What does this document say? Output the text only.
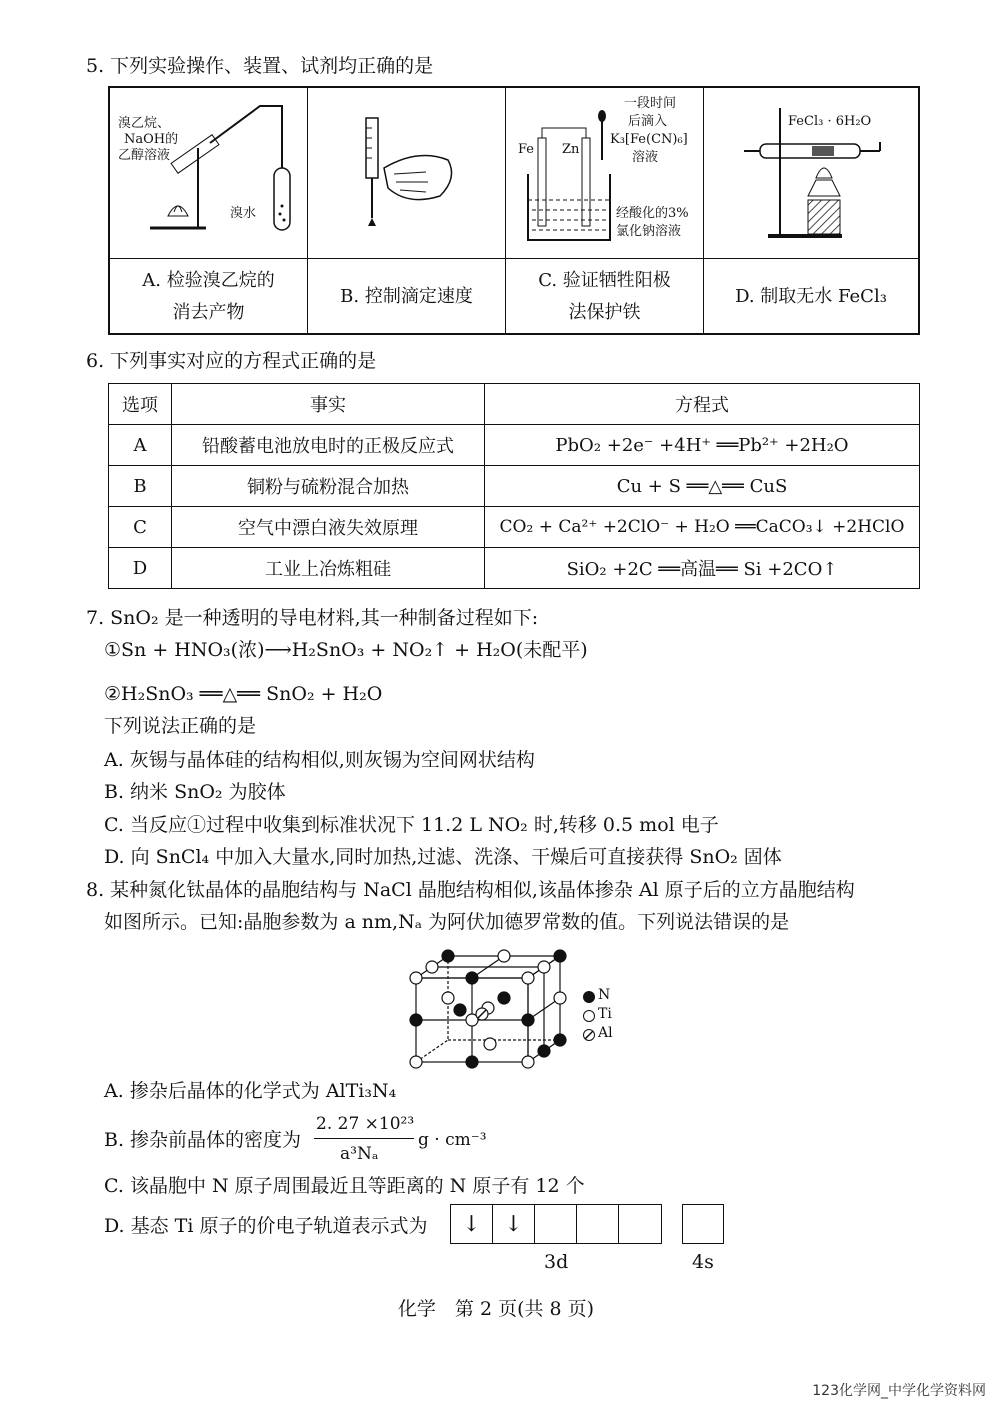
5. 下列实验操作、装置、试剂均正确的是
溴乙烷、
NaOH的
乙醇溶液
溴水
一段时间
后滴入
K₃[Fe(CN)₆]
溶液
Fe Zn
经酸化的3%
氯化钠溶液
FeCl₃ · 6H₂O
A. 检验溴乙烷的
消去产物
B. 控制滴定速度
C. 验证牺牲阳极
法保护铁
D. 制取无水 FeCl₃
6. 下列事实对应的方程式正确的是
选项	事实	方程式
A	铅酸蓄电池放电时的正极反应式	PbO₂ +2e⁻ +4H⁺ ══Pb²⁺ +2H₂O
B	铜粉与硫粉混合加热	Cu + S ══△══ CuS
C	空气中漂白液失效原理	CO₂ + Ca²⁺ +2ClO⁻ + H₂O ══CaCO₃↓ +2HClO
D	工业上冶炼粗硅	SiO₂ +2C ══高温══ Si +2CO↑
7. SnO₂ 是一种透明的导电材料,其一种制备过程如下:
①Sn + HNO₃(浓)⟶H₂SnO₃ + NO₂↑ + H₂O(未配平)
②H₂SnO₃ ══△══ SnO₂ + H₂O
下列说法正确的是
A. 灰锡与晶体硅的结构相似,则灰锡为空间网状结构
B. 纳米 SnO₂ 为胶体
C. 当反应①过程中收集到标准状况下 11.2 L NO₂ 时,转移 0.5 mol 电子
D. 向 SnCl₄ 中加入大量水,同时加热,过滤、洗涤、干燥后可直接获得 SnO₂ 固体
8. 某种氮化钛晶体的晶胞结构与 NaCl 晶胞结构相似,该晶体掺杂 Al 原子后的立方晶胞结构
如图所示。已知:晶胞参数为 a nm,Nₐ 为阿伏加德罗常数的值。下列说法错误的是
N
Ti
Al
A. 掺杂后晶体的化学式为 AlTi₃N₄
B. 掺杂前晶体的密度为
2. 27 ×10²³
a³Nₐ
g · cm⁻³
C. 该晶胞中 N 原子周围最近且等距离的 N 原子有 12 个
D. 基态 Ti 原子的价电子轨道表示式为	↓	↓
3d	4s
化学　第 2 页(共 8 页)
123化学网_中学化学资料网
